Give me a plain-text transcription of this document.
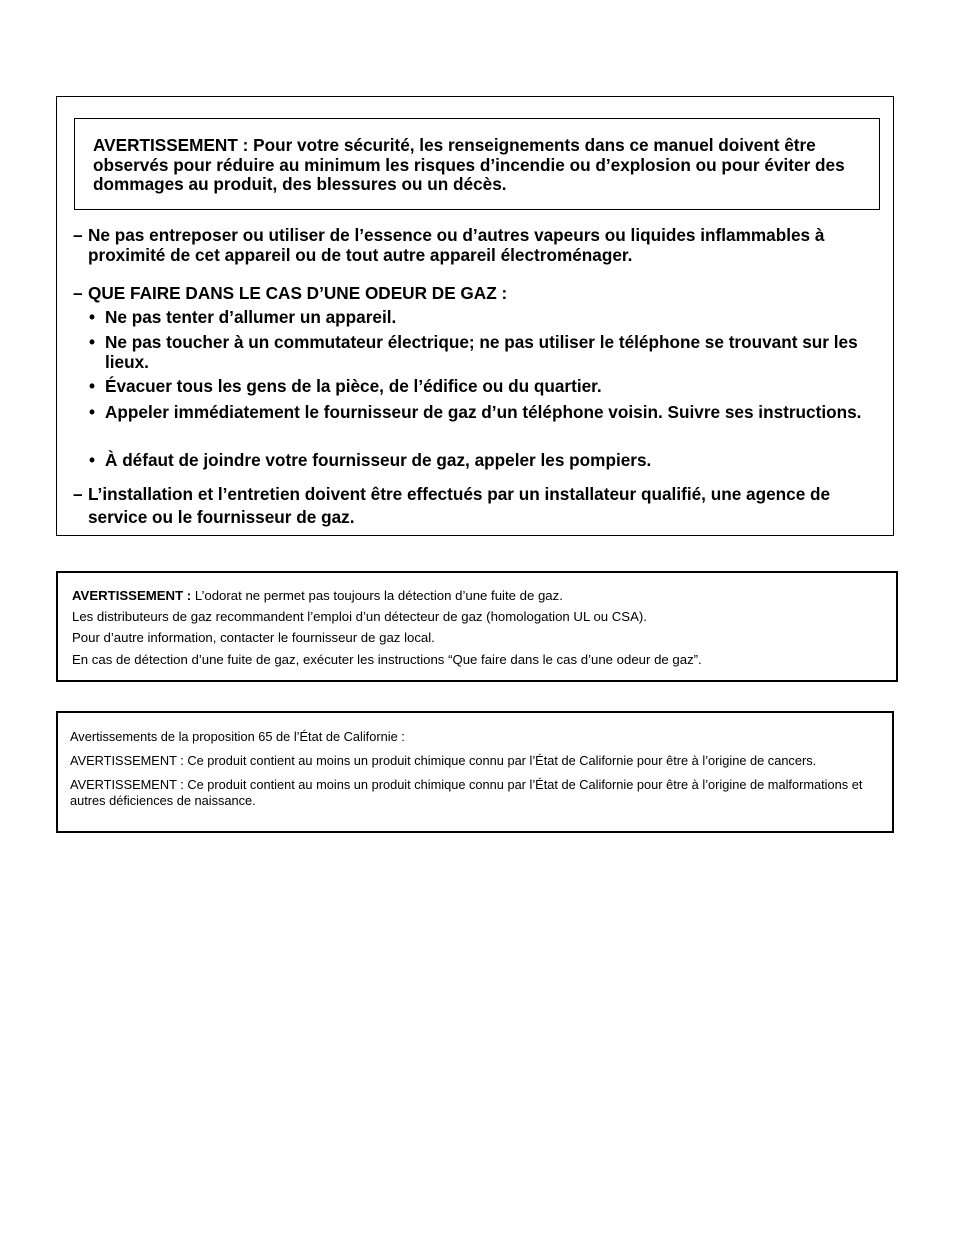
AVERTISSEMENT : Pour votre sécurité, les renseignements dans ce manuel doivent être observés pour réduire au minimum les risques d’incendie ou d’explosion ou pour éviter des dommages au produit, des blessures ou un décès.
– Ne pas entreposer ou utiliser de l’essence ou d’autres vapeurs ou liquides inflammables à proximité de cet appareil ou de tout autre appareil électroménager.
– QUE FAIRE DANS LE CAS D’UNE ODEUR DE GAZ :
• Ne pas tenter d’allumer un appareil.
• Ne pas toucher à un commutateur électrique; ne pas utiliser le téléphone se trouvant sur les lieux.
• Évacuer tous les gens de la pièce, de l’édifice ou du quartier.
• Appeler immédiatement le fournisseur de gaz d’un téléphone voisin. Suivre ses instructions.
• À défaut de joindre votre fournisseur de gaz, appeler les pompiers.
– L’installation et l’entretien doivent être effectués par un installateur qualifié, une agence de service ou le fournisseur de gaz.

AVERTISSEMENT : L’odorat ne permet pas toujours la détection d’une fuite de gaz.

Les distributeurs de gaz recommandent l’emploi d’un détecteur de gaz (homologation UL ou CSA).

Pour d’autre information, contacter le fournisseur de gaz local.

En cas de détection d’une fuite de gaz, exécuter les instructions “Que faire dans le cas d’une odeur de gaz”.

Avertissements de la proposition 65 de l’État de Californie :

AVERTISSEMENT : Ce produit contient au moins un produit chimique connu par l’État de Californie pour être à l’origine de cancers.

AVERTISSEMENT : Ce produit contient au moins un produit chimique connu par l’État de Californie pour être à l’origine de malformations et autres déficiences de naissance.
